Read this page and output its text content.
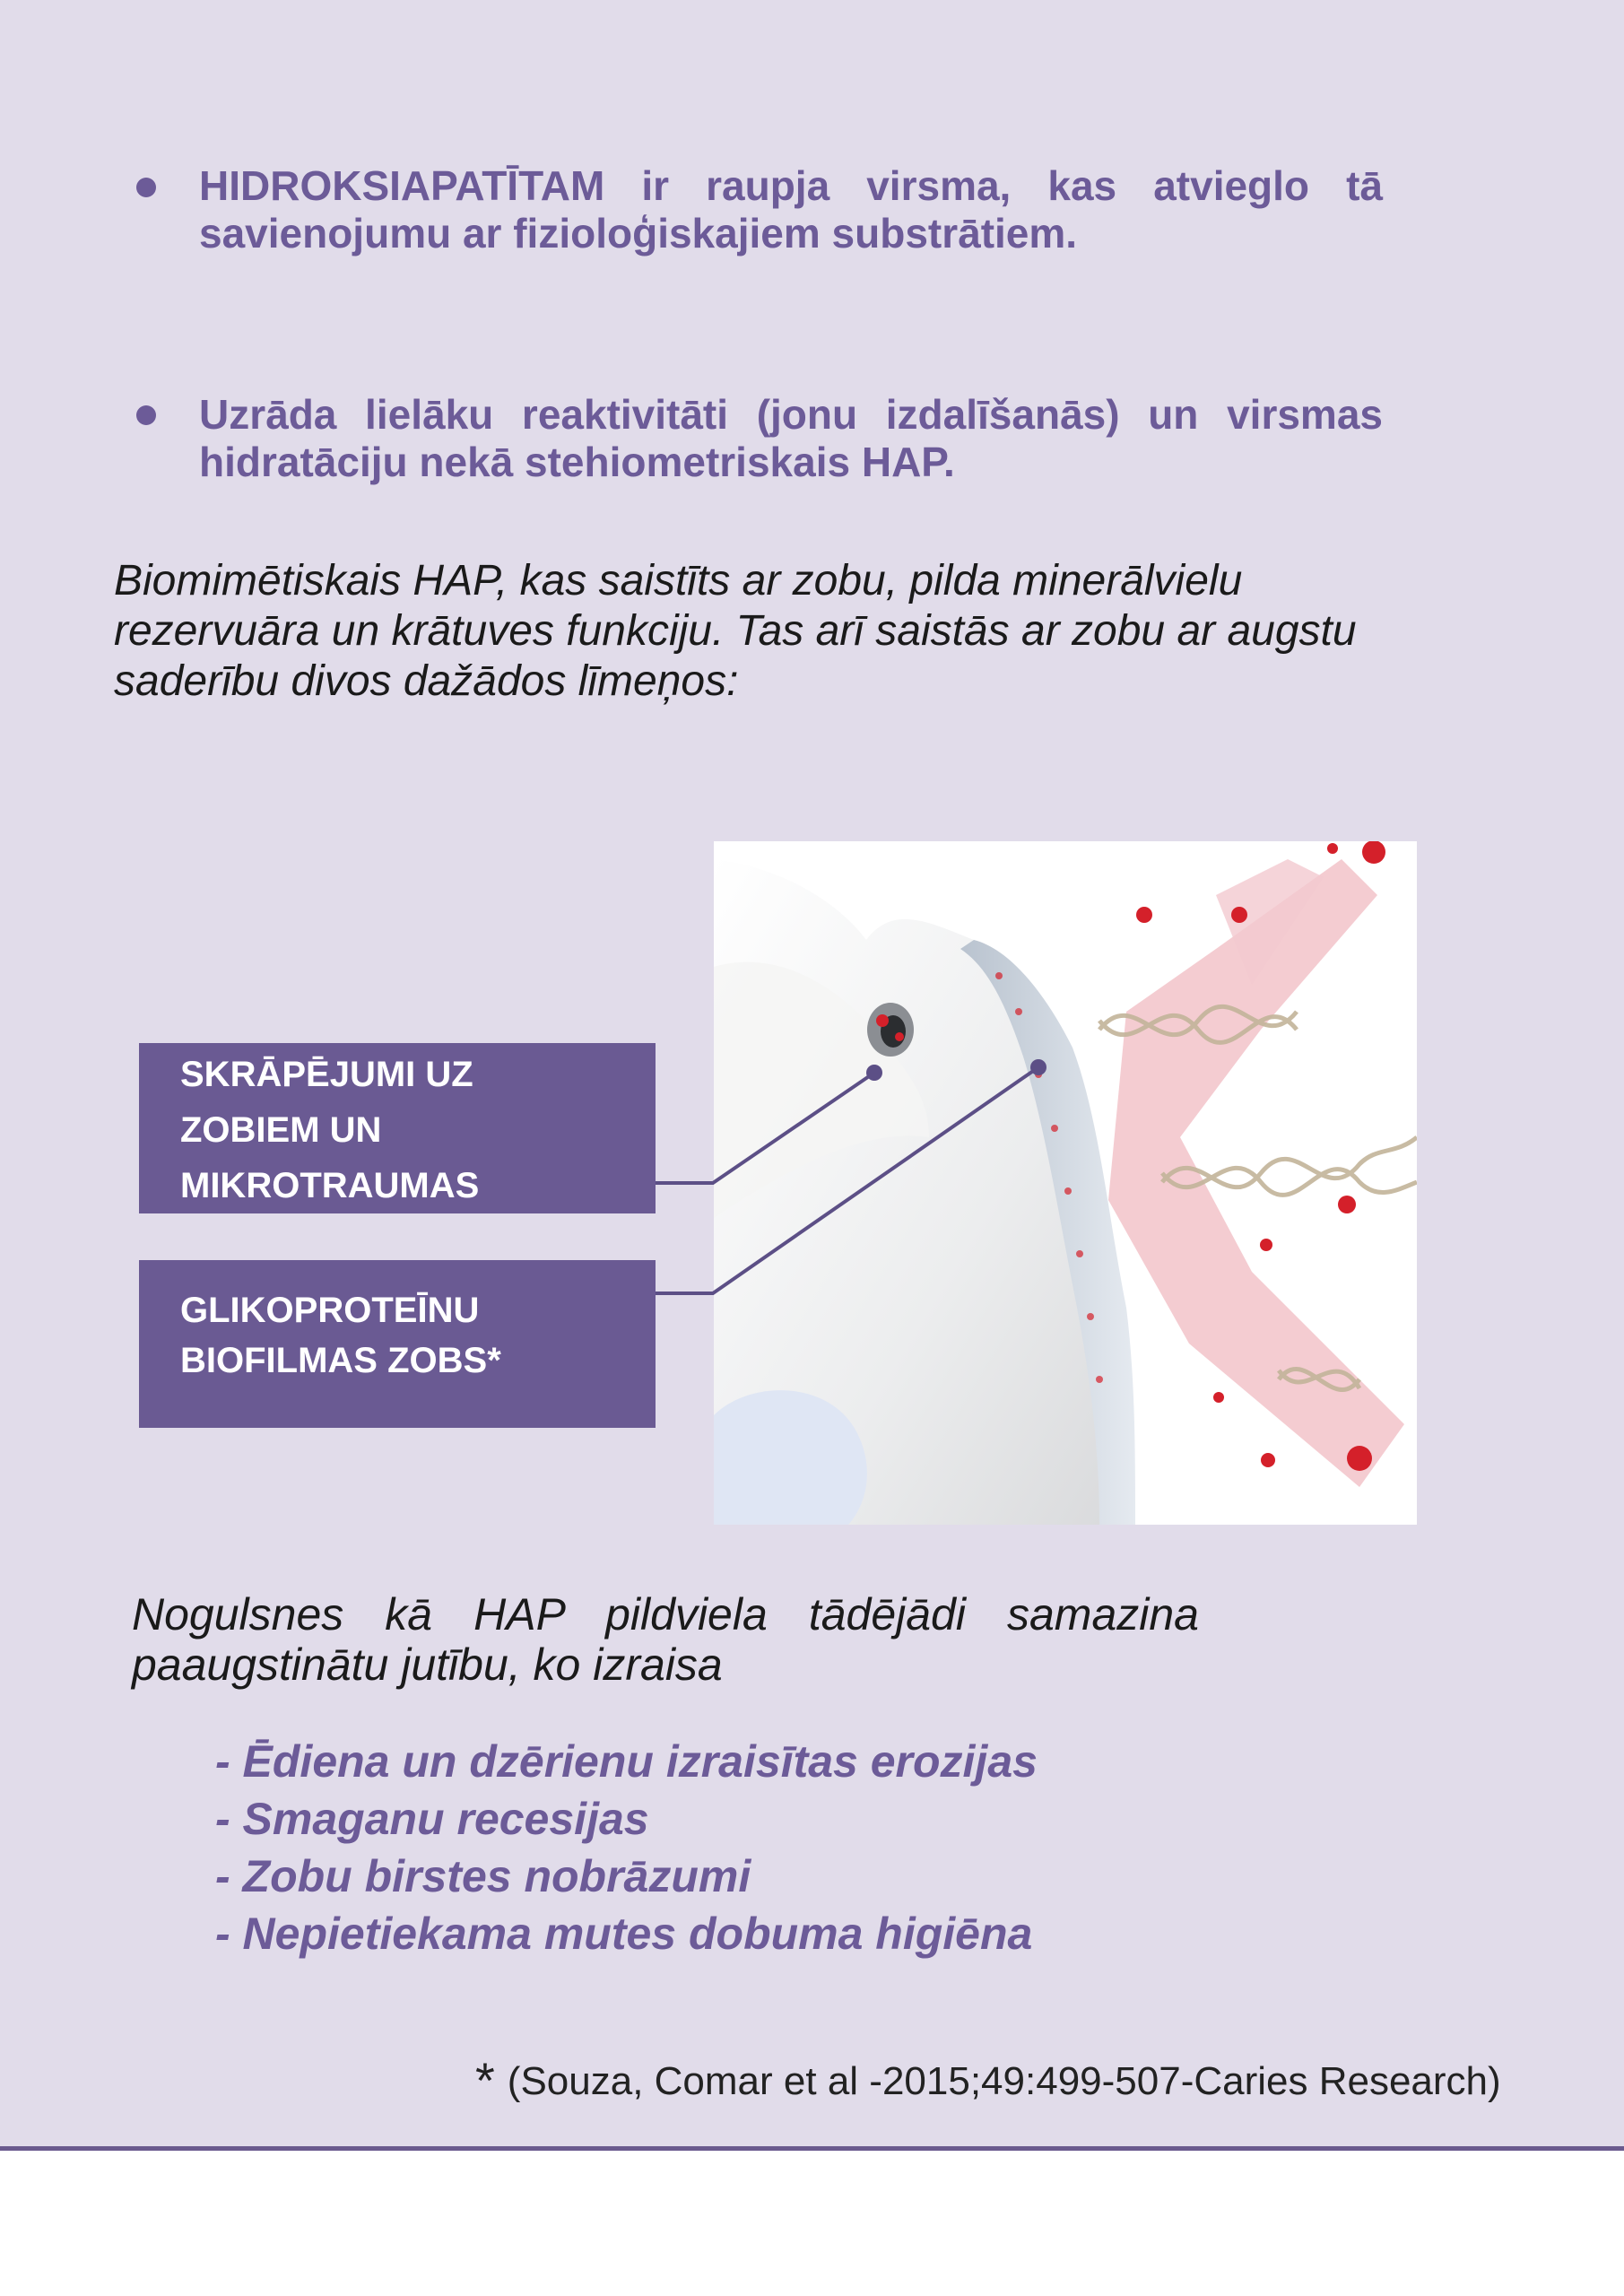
HIDROKSIAPATĪTAM ir raupja virsma, kas atvieglo tā savienojumu ar fizioloģiskajiem substrātiem.
Uzrāda lielāku reaktivitāti (jonu izdalīšanās) un virsmas hidratāciju nekā stehiometriskais HAP.
Biomimētiskais HAP, kas saistīts ar zobu, pilda minerālvielu rezervuāra un krātuves funkciju. Tas arī saistās ar zobu ar augstu saderību divos dažādos līmeņos:
SKRĀPĒJUMI UZ
ZOBIEM UN
MIKROTRAUMAS
GLIKOPROTEĪNU
BIOFILMAS ZOBS*
Nogulsnes kā HAP pildviela tādējādi samazina paaugstinātu jutību, ko izraisa
- Ēdiena un dzērienu izraisītas erozijas
- Smaganu recesijas
- Zobu birstes nobrāzumi
- Nepietiekama mutes dobuma higiēna
* (Souza, Comar et al -2015;49:499-507-Caries Research)
